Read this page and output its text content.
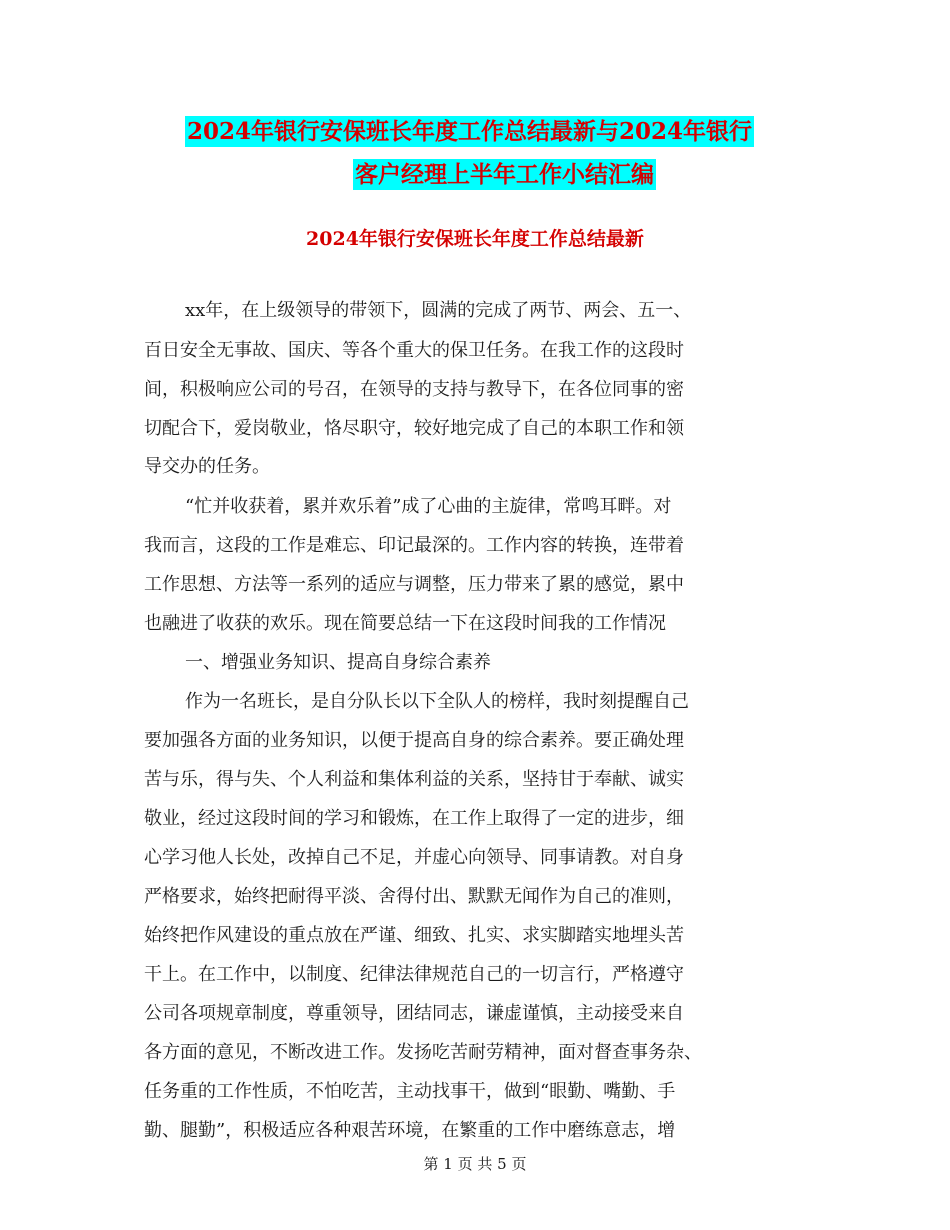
2024年银行安保班长年度工作总结最新与2024年银行
客户经理上半年工作小结汇编
2024年银行安保班长年度工作总结最新
xx年，在上级领导的带领下，圆满的完成了两节、两会、五一、
百日安全无事故、国庆、等各个重大的保卫任务。在我工作的这段时
间，积极响应公司的号召，在领导的支持与教导下，在各位同事的密
切配合下，爱岗敬业，恪尽职守，较好地完成了自己的本职工作和领
导交办的任务。
“忙并收获着，累并欢乐着”成了心曲的主旋律，常鸣耳畔。对
我而言，这段的工作是难忘、印记最深的。工作内容的转换，连带着
工作思想、方法等一系列的适应与调整，压力带来了累的感觉，累中
也融进了收获的欢乐。现在简要总结一下在这段时间我的工作情况
一、增强业务知识、提高自身综合素养
作为一名班长，是自分队长以下全队人的榜样，我时刻提醒自己
要加强各方面的业务知识，以便于提高自身的综合素养。要正确处理
苦与乐，得与失、个人利益和集体利益的关系，坚持甘于奉献、诚实
敬业，经过这段时间的学习和锻炼，在工作上取得了一定的进步，细
心学习他人长处，改掉自己不足，并虚心向领导、同事请教。对自身
严格要求，始终把耐得平淡、舍得付出、默默无闻作为自己的准则，
始终把作风建设的重点放在严谨、细致、扎实、求实脚踏实地埋头苦
干上。在工作中，以制度、纪律法律规范自己的一切言行，严格遵守
公司各项规章制度，尊重领导，团结同志，谦虚谨慎，主动接受来自
各方面的意见，不断改进工作。发扬吃苦耐劳精神，面对督查事务杂、
任务重的工作性质，不怕吃苦，主动找事干，做到“眼勤、嘴勤、手
勤、腿勤”，积极适应各种艰苦环境，在繁重的工作中磨练意志，增
第 1 页 共 5 页
